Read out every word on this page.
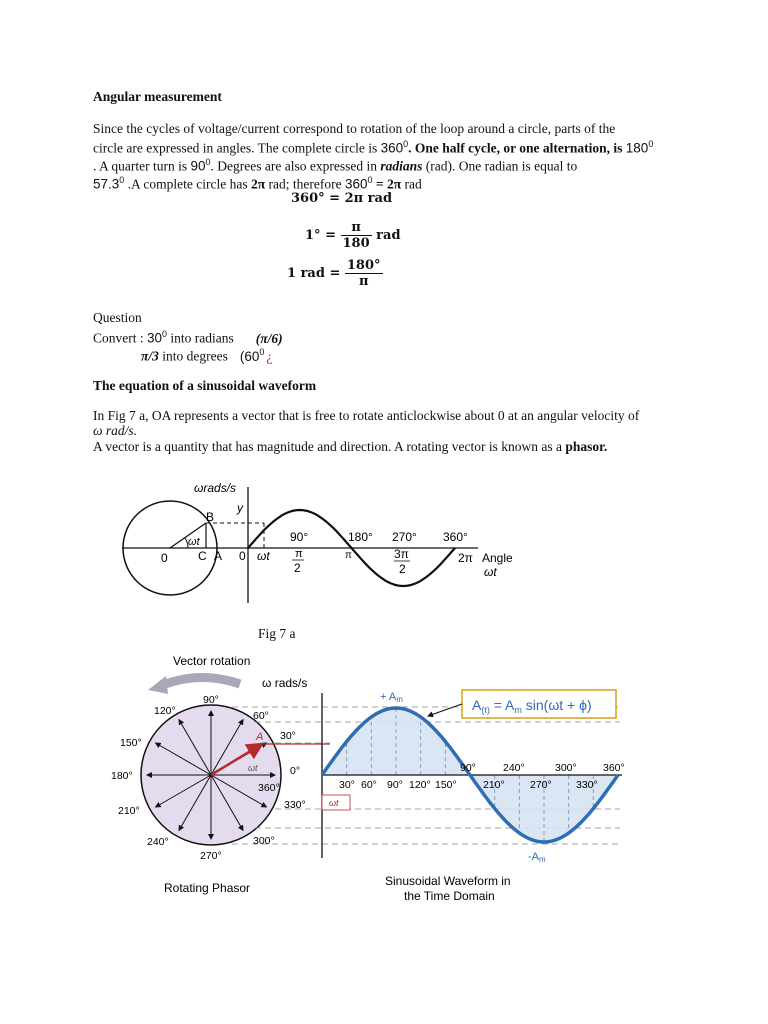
Angular measurement
Since the cycles of voltage/current correspond to rotation of the loop around a circle, parts of the
circle are expressed in angles. The complete circle is $360^0$. One half cycle, or one alternation, is $180^0$
. A quarter turn is $90^0$. Degrees are also expressed in radians (rad). One radian is equal to
57.3$^0$ .A complete circle has 2π rad; therefore $360^0 = 2\pi$ rad
360° = 2π rad
$1^\circ = \frac{\pi}{180}$ rad
1 rad = $\frac{180^\circ}{\pi}$
Question
Convert : $30^0$ into radians (π/6)
π/3 into degrees ($60^0$ ¿
The equation of a sinusoidal waveform
In Fig 7 a, OA represents a vector that is free to rotate anticlockwise about 0 at an angular velocity of
ω rad/s.
A vector is a quantity that has magnitude and direction. A rotating vector is known as a phasor.
ωrads/s
y
B
ωt
0	C A 0 ωt
90°
π
2
π
180° 270°
3π
2
360°
2π Angle
ωt
Fig 7 a
Vector rotation
ω rads/s
$A_{(t)} = A_m$ sin(ωt + ϕ)
+ Am
-Am
90°
60°
30°
0°
360°
330°
300°
270°
240°
210°
180°
150°
120°
A
ωt
30° 60° 90° 120° 150°	210° 270° 330°
90°	240°	300°	360°
ωt
Rotating Phasor	Sinusoidal Waveform in
the Time Domain
